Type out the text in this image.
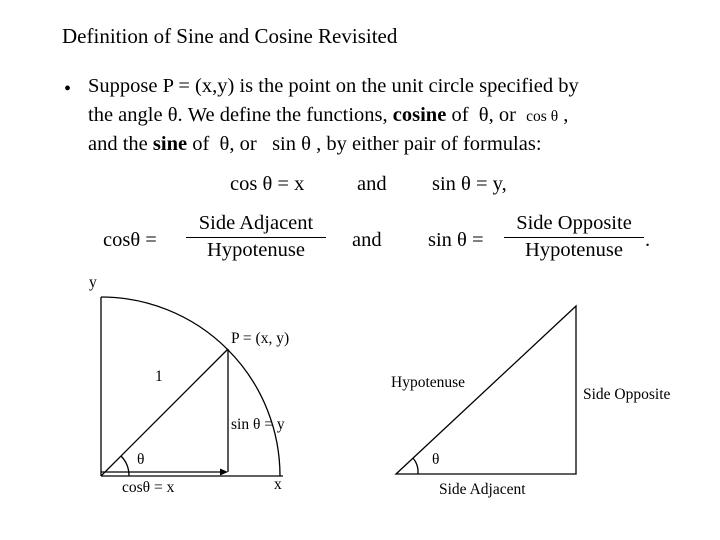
Definition of Sine and Cosine Revisited
• Suppose P = (x,y) is the point on the unit circle specified by
the angle θ. We define the functions, cosine of θ, or cos θ ,
and the sine of θ, or sin θ , by either pair of formulas:
cos θ = x	and sin θ = y,
cosθ =
Side Adjacent
Hypotenuse	and sin θ =
Side Opposite
Hypotenuse	.
y
x
P = (x, y)
1
θ
sin θ = y
cosθ = x
Hypotenuse
Side Opposite
Side Adjacent
θ
